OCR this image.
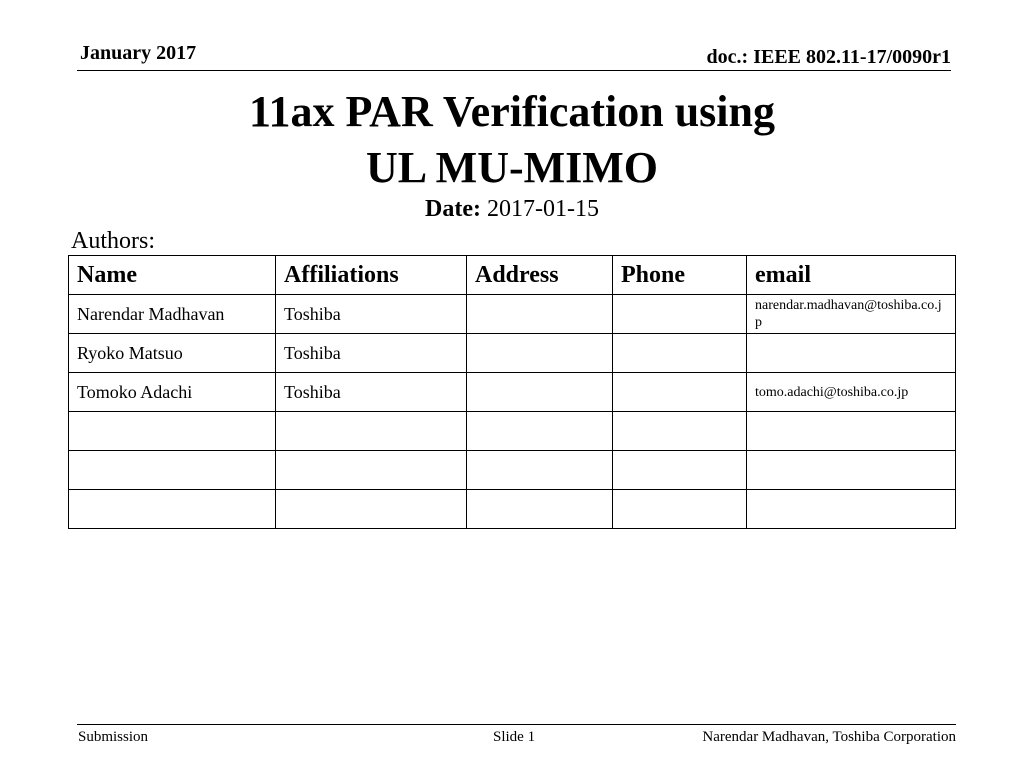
January 2017	doc.: IEEE 802.11-17/0090r1
11ax PAR Verification using
UL MU-MIMO
Date: 2017-01-15
Authors:
Name	Affiliations	Address	Phone	email
Narendar Madhavan	Toshiba			narendar.madhavan@toshiba.co.jp
Ryoko Matsuo	Toshiba			
Tomoko Adachi	Toshiba			tomo.adachi@toshiba.co.jp

Submission	Slide 1	Narendar Madhavan, Toshiba Corporation
